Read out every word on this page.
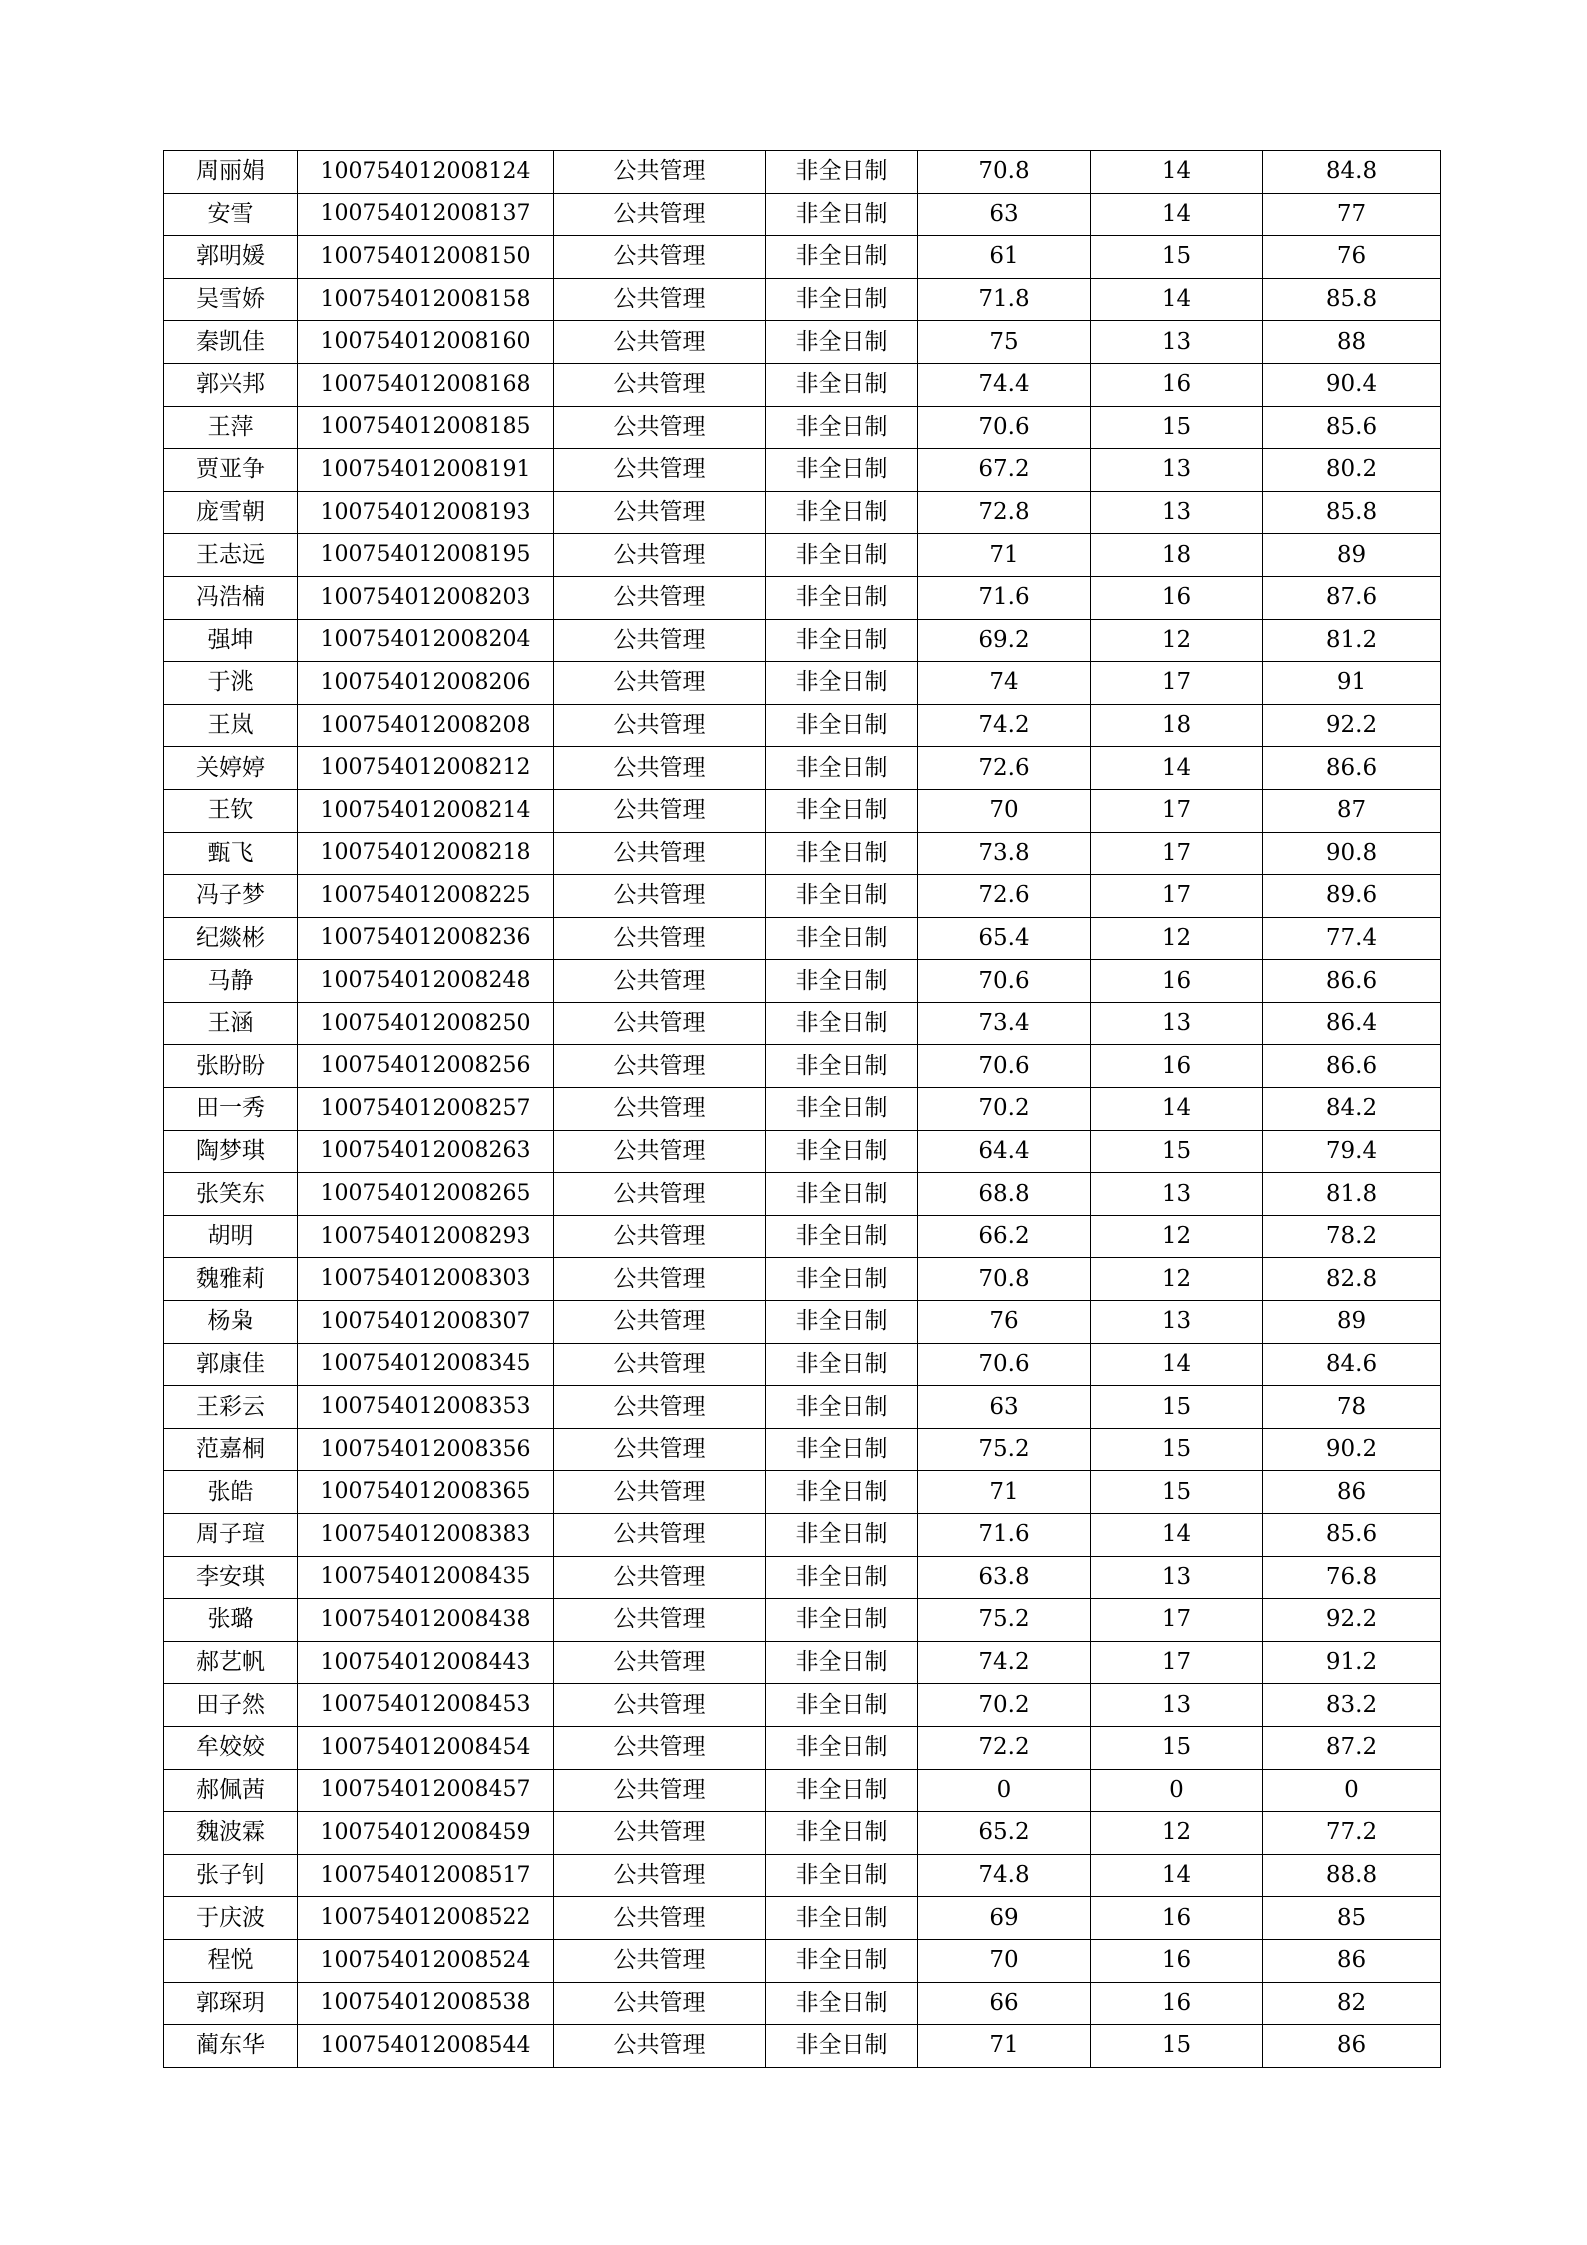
周丽娟	100754012008124	公共管理	非全日制	70.8	14	84.8
安雪	100754012008137	公共管理	非全日制	63	14	77
郭明媛	100754012008150	公共管理	非全日制	61	15	76
吴雪娇	100754012008158	公共管理	非全日制	71.8	14	85.8
秦凯佳	100754012008160	公共管理	非全日制	75	13	88
郭兴邦	100754012008168	公共管理	非全日制	74.4	16	90.4
王萍	100754012008185	公共管理	非全日制	70.6	15	85.6
贾亚争	100754012008191	公共管理	非全日制	67.2	13	80.2
庞雪朝	100754012008193	公共管理	非全日制	72.8	13	85.8
王志远	100754012008195	公共管理	非全日制	71	18	89
冯浩楠	100754012008203	公共管理	非全日制	71.6	16	87.6
强坤	100754012008204	公共管理	非全日制	69.2	12	81.2
于洮	100754012008206	公共管理	非全日制	74	17	91
王岚	100754012008208	公共管理	非全日制	74.2	18	92.2
关婷婷	100754012008212	公共管理	非全日制	72.6	14	86.6
王钦	100754012008214	公共管理	非全日制	70	17	87
甄飞	100754012008218	公共管理	非全日制	73.8	17	90.8
冯子梦	100754012008225	公共管理	非全日制	72.6	17	89.6
纪燚彬	100754012008236	公共管理	非全日制	65.4	12	77.4
马静	100754012008248	公共管理	非全日制	70.6	16	86.6
王涵	100754012008250	公共管理	非全日制	73.4	13	86.4
张盼盼	100754012008256	公共管理	非全日制	70.6	16	86.6
田一秀	100754012008257	公共管理	非全日制	70.2	14	84.2
陶梦琪	100754012008263	公共管理	非全日制	64.4	15	79.4
张笑东	100754012008265	公共管理	非全日制	68.8	13	81.8
胡明	100754012008293	公共管理	非全日制	66.2	12	78.2
魏雅莉	100754012008303	公共管理	非全日制	70.8	12	82.8
杨枭	100754012008307	公共管理	非全日制	76	13	89
郭康佳	100754012008345	公共管理	非全日制	70.6	14	84.6
王彩云	100754012008353	公共管理	非全日制	63	15	78
范嘉桐	100754012008356	公共管理	非全日制	75.2	15	90.2
张皓	100754012008365	公共管理	非全日制	71	15	86
周子瑄	100754012008383	公共管理	非全日制	71.6	14	85.6
李安琪	100754012008435	公共管理	非全日制	63.8	13	76.8
张璐	100754012008438	公共管理	非全日制	75.2	17	92.2
郝艺帆	100754012008443	公共管理	非全日制	74.2	17	91.2
田子然	100754012008453	公共管理	非全日制	70.2	13	83.2
牟姣姣	100754012008454	公共管理	非全日制	72.2	15	87.2
郝佩茜	100754012008457	公共管理	非全日制	0	0	0
魏波霖	100754012008459	公共管理	非全日制	65.2	12	77.2
张子钊	100754012008517	公共管理	非全日制	74.8	14	88.8
于庆波	100754012008522	公共管理	非全日制	69	16	85
程悦	100754012008524	公共管理	非全日制	70	16	86
郭琛玥	100754012008538	公共管理	非全日制	66	16	82
蔺东华	100754012008544	公共管理	非全日制	71	15	86
